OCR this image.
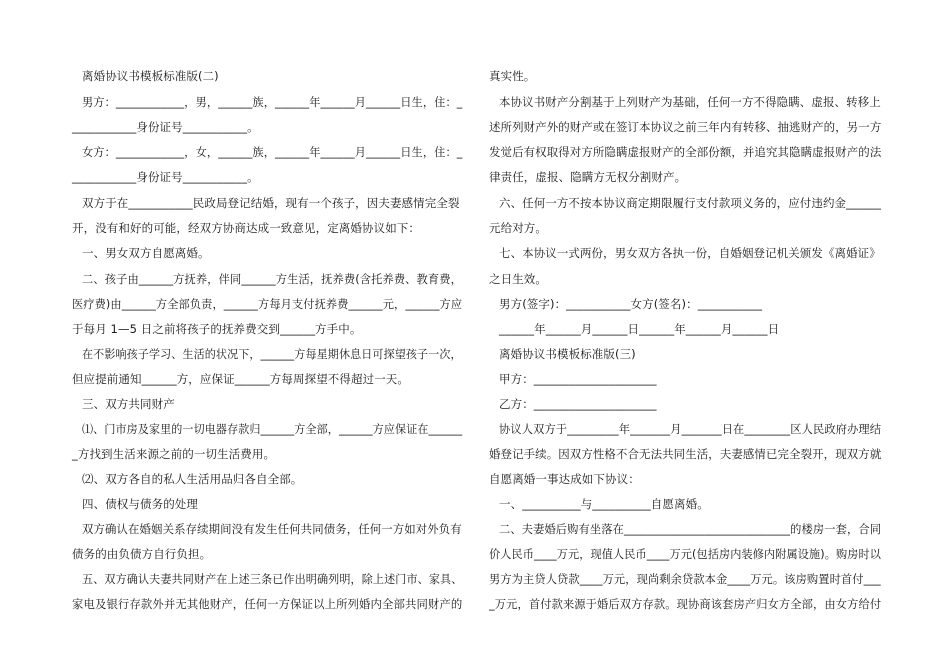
离婚协议书模板标准版(二)
男方：____________，男，______族，______年______月______日生，住：_
___________身份证号___________。
女方：____________，女，______族，______年______月______日生，住：_
___________身份证号___________。
双方于在___________民政局登记结婚，现有一个孩子，因夫妻感情完全裂
开，没有和好的可能，经双方协商达成一致意见，定离婚协议如下：
一、男女双方自愿离婚。
二、孩子由______方抚养，伴同______方生活，抚养费(含托养费、教育费，
医疗费)由______方全部负责，______方每月支付抚养费______元，______方应
于每月 1—5 日之前将孩子的抚养费交到______方手中。
在不影响孩子学习、生活的状况下，______方每星期休息日可探望孩子一次，
但应提前通知______方，应保证______方每周探望不得超过一天。
三、双方共同财产
⑴、门市房及家里的一切电器存款归______方全部，______方应保证在______
_方找到生活来源之前的一切生活费用。
⑵、双方各自的私人生活用品归各自全部。
四、债权与债务的处理
双方确认在婚姻关系存续期间没有发生任何共同债务，任何一方如对外负有
债务的由负债方自行负担。
五、双方确认夫妻共同财产在上述三条已作出明确列明，除上述门市、家具、
家电及银行存款外并无其他财产，任何一方保证以上所列婚内全部共同财产的
真实性。
本协议书财产分割基于上列财产为基础，任何一方不得隐瞒、虚报、转移上
述所列财产外的财产或在签订本协议之前三年内有转移、抽逃财产的，另一方
发觉后有权取得对方所隐瞒虚报财产的全部份额，并追究其隐瞒虚报财产的法
律责任，虚报、隐瞒方无权分割财产。
六、任何一方不按本协议商定期限履行支付款项义务的，应付违约金______
元给对方。
七、本协议一式两份，男女双方各执一份，自婚姻登记机关颁发《离婚证》
之日生效。
男方(签字)：___________女方(签名)：___________
______年______月______日______年______月______日
离婚协议书模板标准版(三)
甲方：_____________________
乙方：_____________________
协议人双方于_________年_______月_______日在________区人民政府办理结
婚登记手续。因双方性格不合无法共同生活，夫妻感情已完全裂开，现双方就
自愿离婚一事达成如下协议：
一、__________与__________自愿离婚。
二、夫妻婚后购有坐落在_____________________________的楼房一套，合同
价人民币____万元，现值人民币____万元(包括房内装修内附属设施)。购房时以
男方为主贷人贷款____万元，现尚剩余贷款本金____万元。该房购置时首付___
_万元，首付款来源于婚后双方存款。现协商该套房产归女方全部，由女方给付
